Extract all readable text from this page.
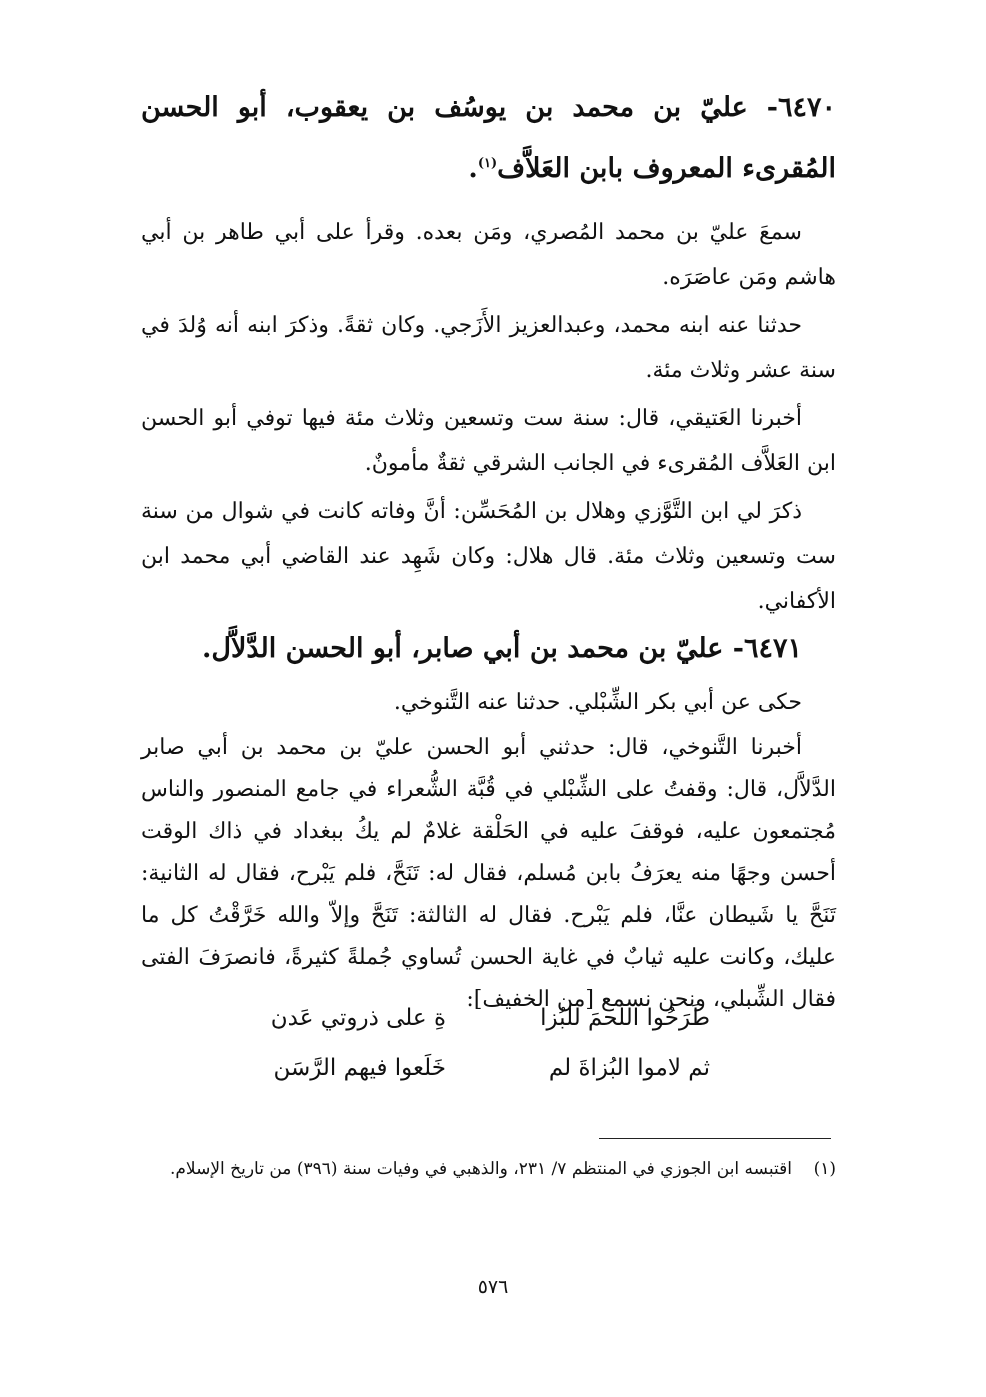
٦٤٧٠- عليّ بن محمد بن يوسُف بن يعقوب، أبو الحسن المُقرىء المعروف بابن العَلاَّف$^{(١)}$.
سمعَ عليّ بن محمد المُصري، ومَن بعده. وقرأ على أبي طاهر بن أبي هاشم ومَن عاصَرَه.
حدثنا عنه ابنه محمد، وعبدالعزيز الأَزَجي. وكان ثقةً. وذكرَ ابنه أنه وُلدَ في سنة عشر وثلاث مئة.
أخبرنا العَتيقي، قال: سنة ست وتسعين وثلاث مئة فيها توفي أبو الحسن ابن العَلاَّف المُقرىء في الجانب الشرقي ثقةٌ مأمونٌ.
ذكرَ لي ابن التَّوَّزي وهلال بن المُحَسِّن: أنَّ وفاته كانت في شوال من سنة ست وتسعين وثلاث مئة. قال هلال: وكان شَهِد عند القاضي أبي محمد ابن الأكفاني.
٦٤٧١- عليّ بن محمد بن أبي صابر، أبو الحسن الدَّلاَّل.
حكى عن أبي بكر الشِّبْلي. حدثنا عنه التَّنوخي.
أخبرنا التَّنوخي، قال: حدثني أبو الحسن عليّ بن محمد بن أبي صابر الدَّلاَّل، قال: وقفتُ على الشِّبْلي في قُبَّة الشُّعراء في جامع المنصور والناس مُجتمعون عليه، فوقفَ عليه في الحَلْقة غلامٌ لم يكُ ببغداد في ذاك الوقت أحسن وجهًا منه يعرَفُ بابن مُسلم، فقال له: تَنَحَّ، فلم يَبْرح، فقال له الثانية: تَنَحَّ يا شَيطان عنَّا، فلم يَبْرح. فقال له الثالثة: تَنَحَّ وإلاّ والله خَرَّقْتُ كل ما عليك، وكانت عليه ثيابٌ في غاية الحسن تُساوي جُملةً كثيرةً، فانصرَفَ الفتى فقال الشِّبلي، ونحن نسمع [من الخفيف]:
طَرَحُوا اللحمَ للبُزا
ةِ على ذروتي عَدن
ثم لاموا البُزاةَ لم
خَلَعوا فيهم الرَّسَن
(١)    اقتبسه ابن الجوزي في المنتظم ٧/ ٢٣١، والذهبي في وفيات سنة (٣٩٦) من تاريخ الإسلام.
٥٧٦
